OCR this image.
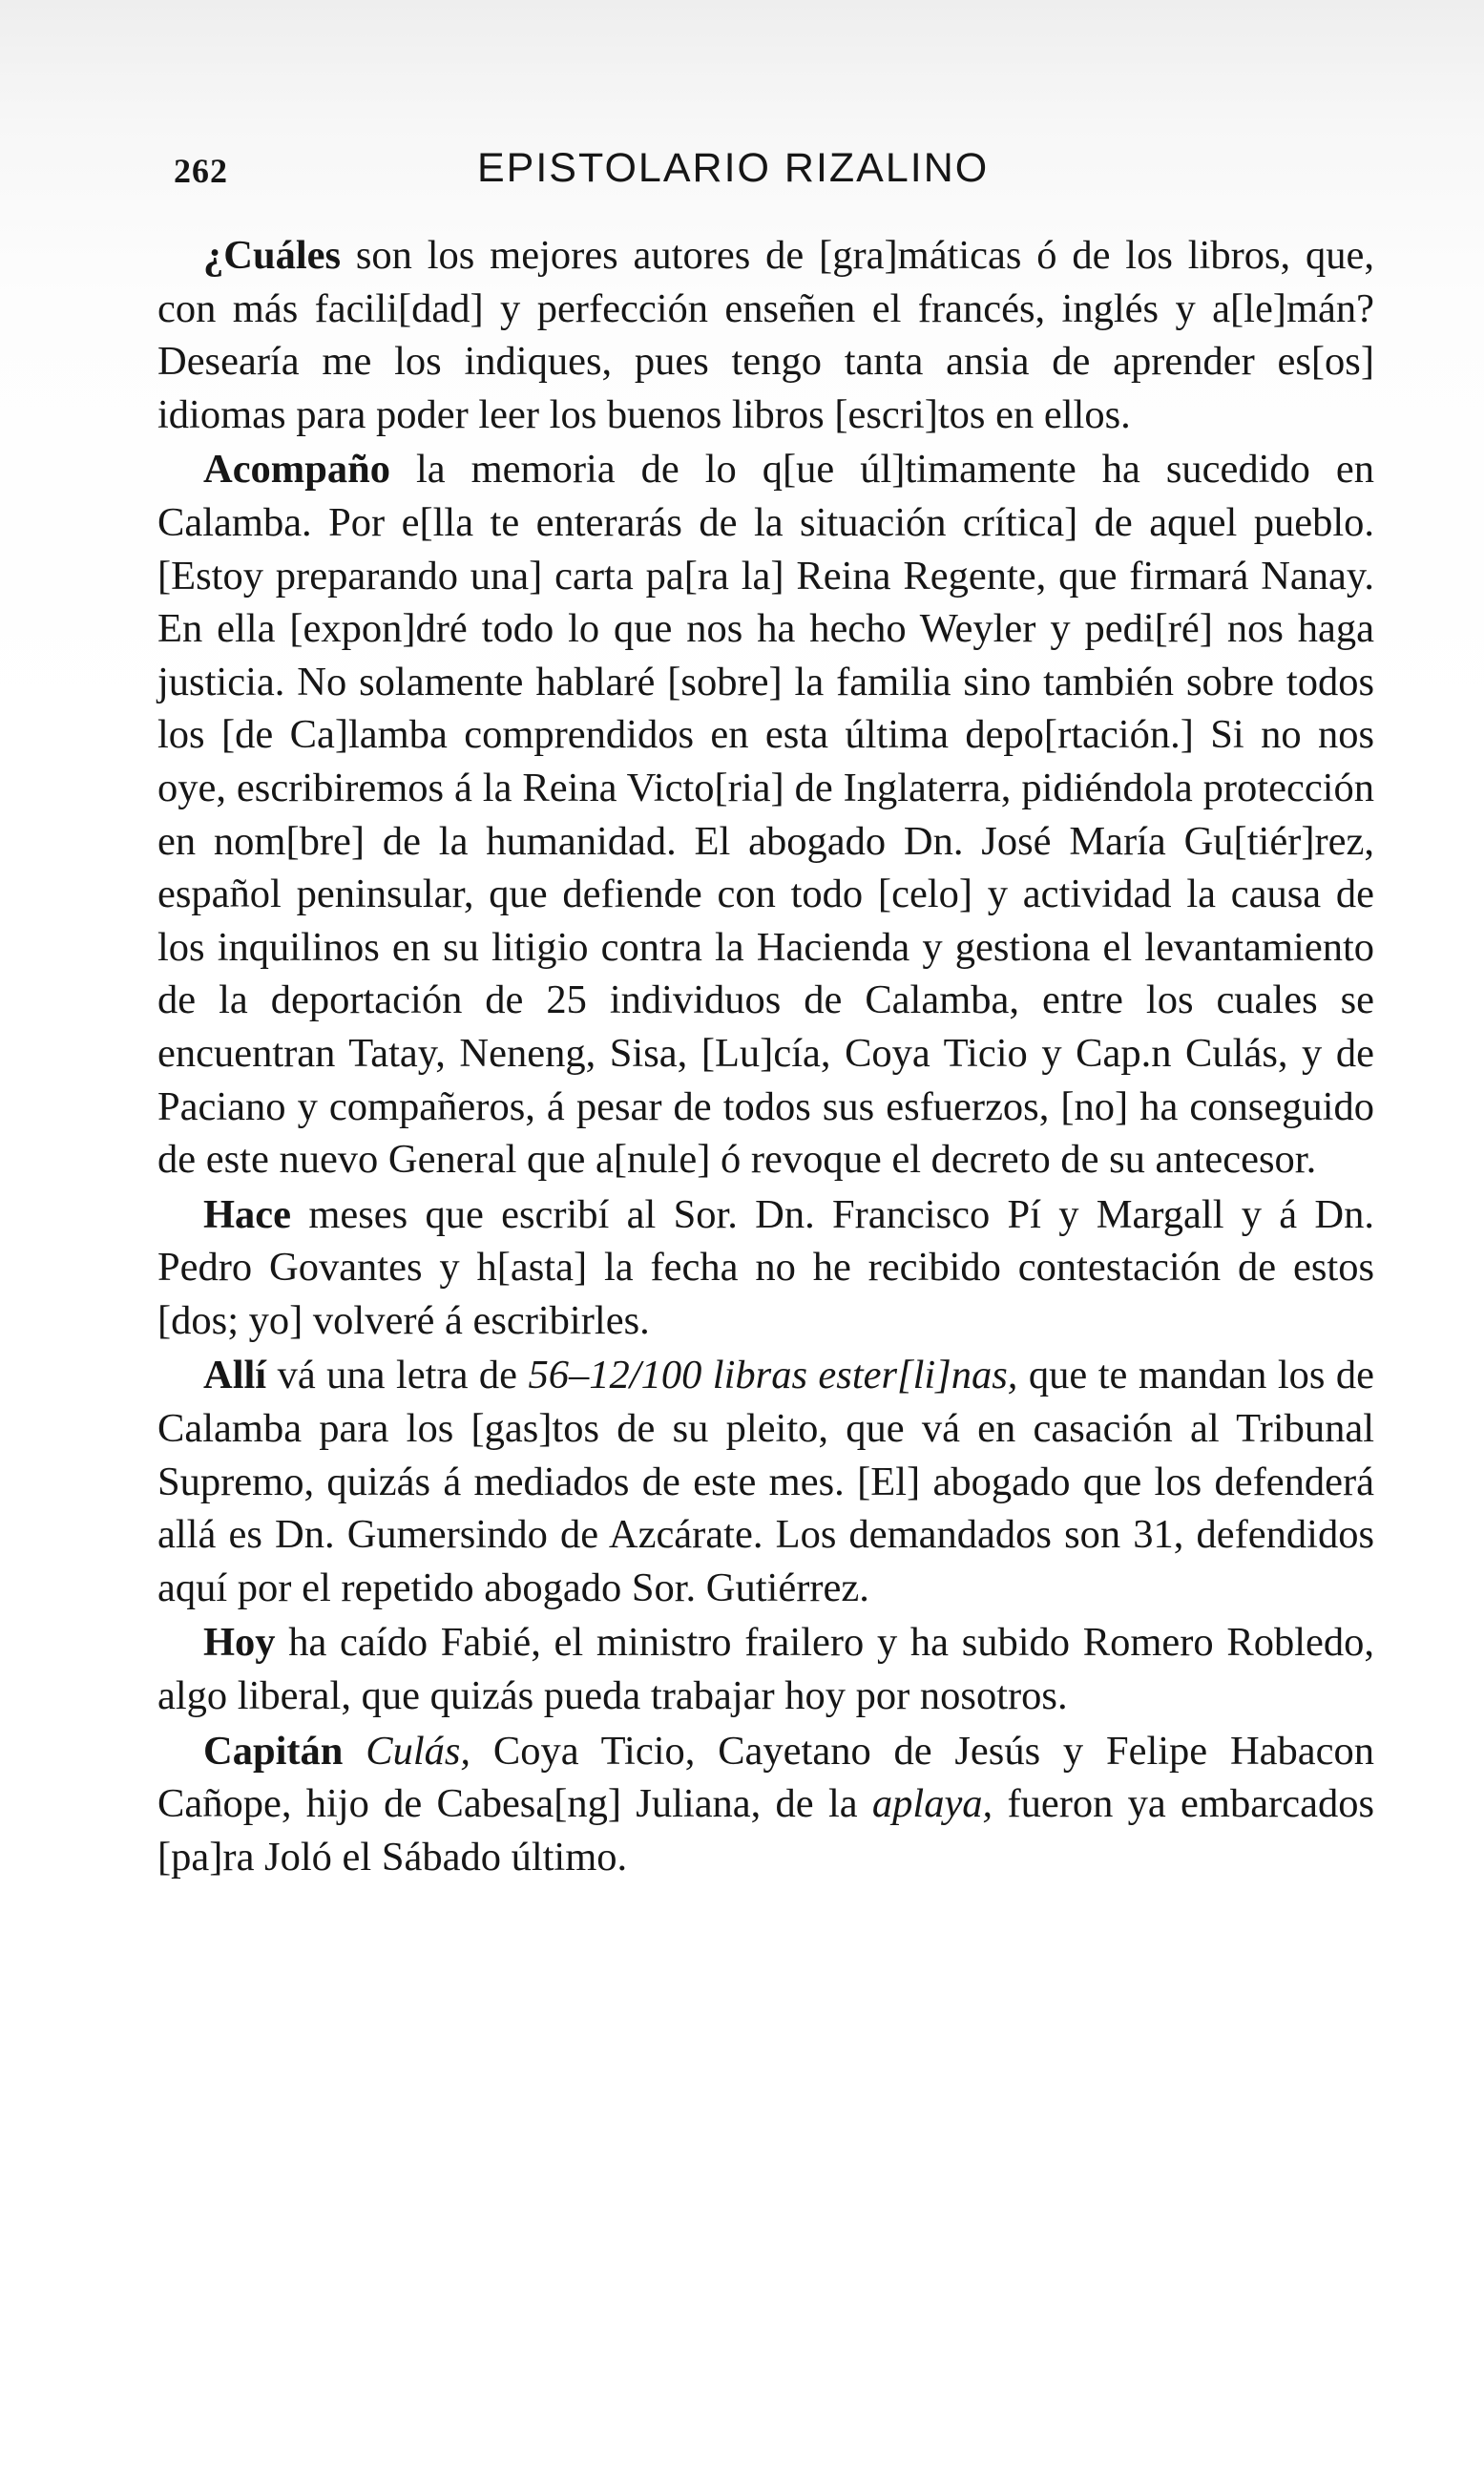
262	EPISTOLARIO RIZALINO

¿Cuáles son los mejores autores de [gra]máticas ó de los libros, que, con más facili[dad] y perfección enseñen el francés, inglés y a[le]mán? Desearía me los indiques, pues tengo tanta ansia de aprender es[os] idiomas para poder leer los buenos libros [escri]tos en ellos.

Acompaño la memoria de lo q[ue úl]timamente ha sucedido en Calamba. Por e[lla te enterarás de la situación crítica] de aquel pueblo. [Estoy preparando una] carta pa[ra la] Reina Regente, que firmará Nanay. En ella [expon]dré todo lo que nos ha hecho Weyler y pedi[ré] nos haga justicia. No solamente hablaré [sobre] la familia sino también sobre todos los [de Ca]lamba comprendidos en esta última depo[rtación.] Si no nos oye, escribiremos á la Reina Victo[ria] de Inglaterra, pidiéndola protección en nom[bre] de la humanidad. El abogado Dn. José María Gu[tiér]rez, español peninsular, que defiende con todo [celo] y actividad la causa de los inquilinos en su litigio contra la Hacienda y gestiona el levantamiento de la deportación de 25 individuos de Calamba, entre los cuales se encuentran Tatay, Neneng, Sisa, [Lu]cía, Coya Ticio y Cap.n Culás, y de Paciano y compañeros, á pesar de todos sus esfuerzos, [no] ha conseguido de este nuevo General que a[nule] ó revoque el decreto de su antecesor.

Hace meses que escribí al Sor. Dn. Francisco Pí y Margall y á Dn. Pedro Govantes y h[asta] la fecha no he recibido contestación de estos [dos; yo] volveré á escribirles.

Allí vá una letra de 56–12/100 libras ester[li]nas, que te mandan los de Calamba para los [gas]tos de su pleito, que vá en casación al Tribunal Supremo, quizás á mediados de este mes. [El] abogado que los defenderá allá es Dn. Gumersindo de Azcárate. Los demandados son 31, defendidos aquí por el repetido abogado Sor. Gutiérrez.

Hoy ha caído Fabié, el ministro frailero y ha subido Romero Robledo, algo liberal, que quizás pueda trabajar hoy por nosotros.

Capitán Culás, Coya Ticio, Cayetano de Jesús y Felipe Habacon Cañope, hijo de Cabesa[ng] Juliana, de la aplaya, fueron ya embarcados [pa]ra Joló el Sábado último.
